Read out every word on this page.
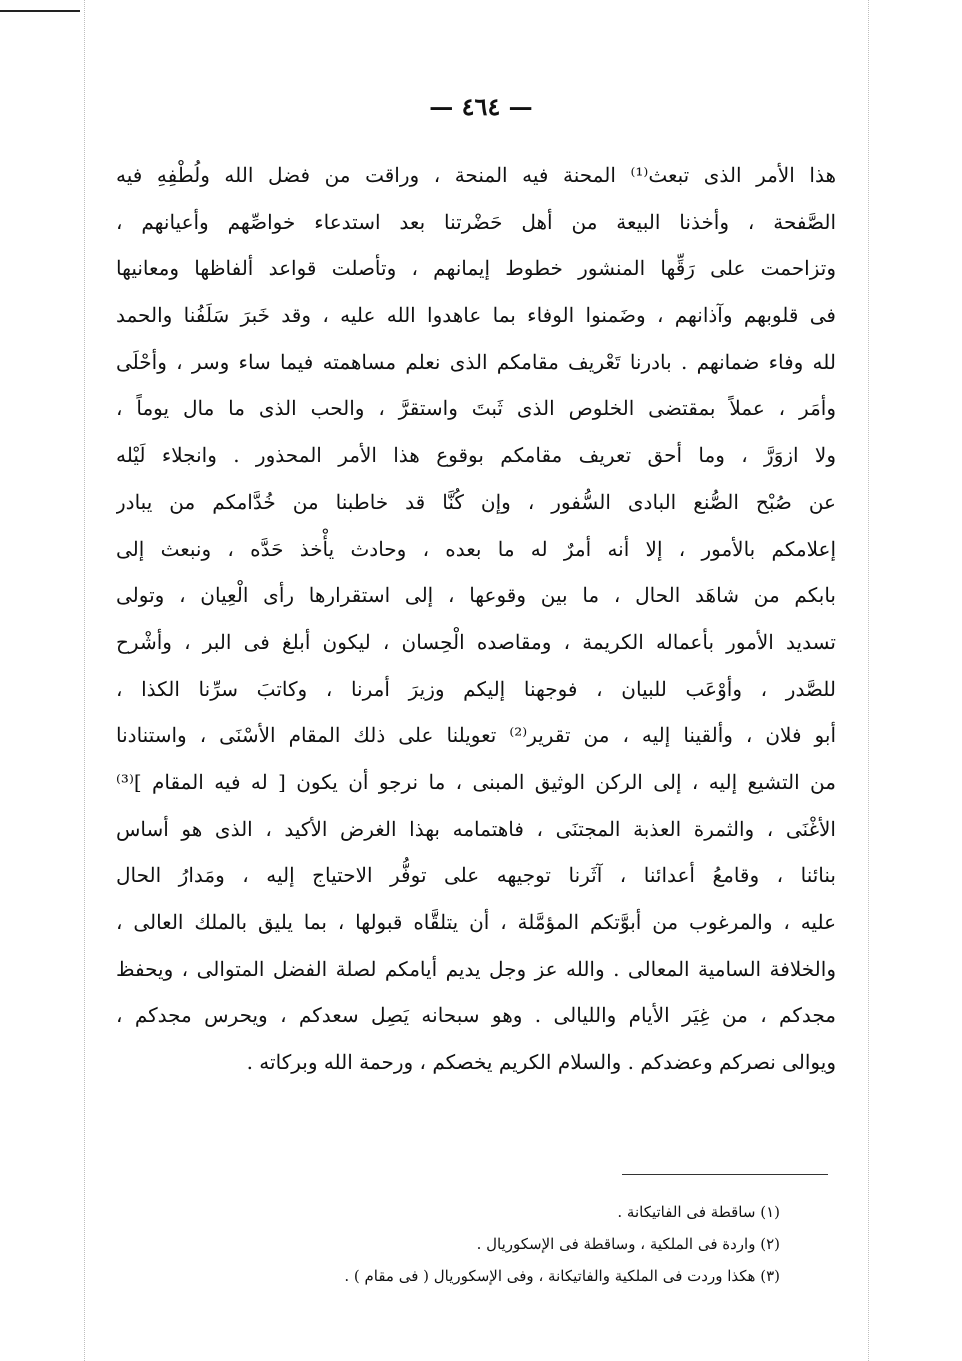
— ٤٦٤ —
هذا الأمر الذى تبعث⁽¹⁾ المحنة فيه المنحة ، وراقت من فضل الله ولُطْفِهِ فيه
الصَّفحة ، وأخذنا البيعة من أهل حَضْرتنا بعد استدعاء خواصِّهم وأعيانهم ،
وتزاحمت على رَقِّها المنشور خطوط إيمانهم ، وتأصلت قواعد ألفاظها ومعانيها
فى قلوبهم وآذانهم ، وضَمنوا الوفاء بما عاهدوا الله عليه ، وقد خَبرَ سَلَفُنا والحمد
لله وفاء ضمانهم . بادرنا تَعْريف مقامكم الذى نعلم مساهمته فيما ساء وسر ، وأحْلَى
وأمَر ، عملاً بمقتضى الخلوص الذى ثَبتَ واستقرَّ ، والحب الذى ما مال يوماً ،
ولا ازوَرَّ ، وما أحق تعريف مقامكم بوقوع هذا الأمر المحذور . وانجلاء لَيْله
عن صُبْح الصُّنع البادى السُّفور ، وإن كُنَّا قد خاطبنا من خُدَّامكم من يبادر
إعلامكم بالأمور ، إلا أنه أمرٌ له ما بعده ، وحادث يأْخذ حَدَّه ، ونبعث إلى
بابكم من شاهَد الحال ، ما بين وقوعها ، إلى استقرارها رأى الْعِيان ، وتولى
تسديد الأمور بأعماله الكريمة ، ومقاصده الْحِسان ، ليكون أبلغ فى البر ، وأشْرح
للصَّدر ، وأوْعَب للبيان ، فوجهنا إليكم وزيرَ أمرنا ، وكاتبَ سرِّنا الكذا ،
أبو فلان ، وألقينا إليه ، من تقرير⁽²⁾ تعويلنا على ذلك المقام الأسْنَى ، واستنادنا
من التشيع إليه ، إلى الركن الوثيق المبنى ، ما نرجو أن يكون [ له فيه المقام ]⁽³⁾
الأغْنَى ، والثمرة العذبة المجتنَى ، فاهتمامه بهذا الغرض الأكيد ، الذى هو أساس
بنائنا ، وقامعُ أعدائنا ، آثَرنا توجيهه على توفُّر الاحتياج إليه ، ومَدارُ الحال
عليه ، والمرغوب من أبوَّتكم المؤمَّلة ، أن يتلقَّاه قبولها ، بما يليق بالملك العالى ،
والخلافة السامية المعالى . والله عز وجل يديم أيامكم لصلة الفضل المتوالى ، ويحفظ
مجدكم ، من غِيَر الأيام والليالى . وهو سبحانه يَصِل سعدكم ، ويحرس مجدكم ،
ويوالى نصركم وعضدكم . والسلام الكريم يخصكم ، ورحمة الله وبركاته .
(١) ساقطة فى الفاتيكانة .
(٢) واردة فى الملكية ، وساقطة فى الإسكوريال .
(٣) هكذا وردت فى الملكية والفاتيكانة ، وفى الإسكوريال ( فى مقام ) .
